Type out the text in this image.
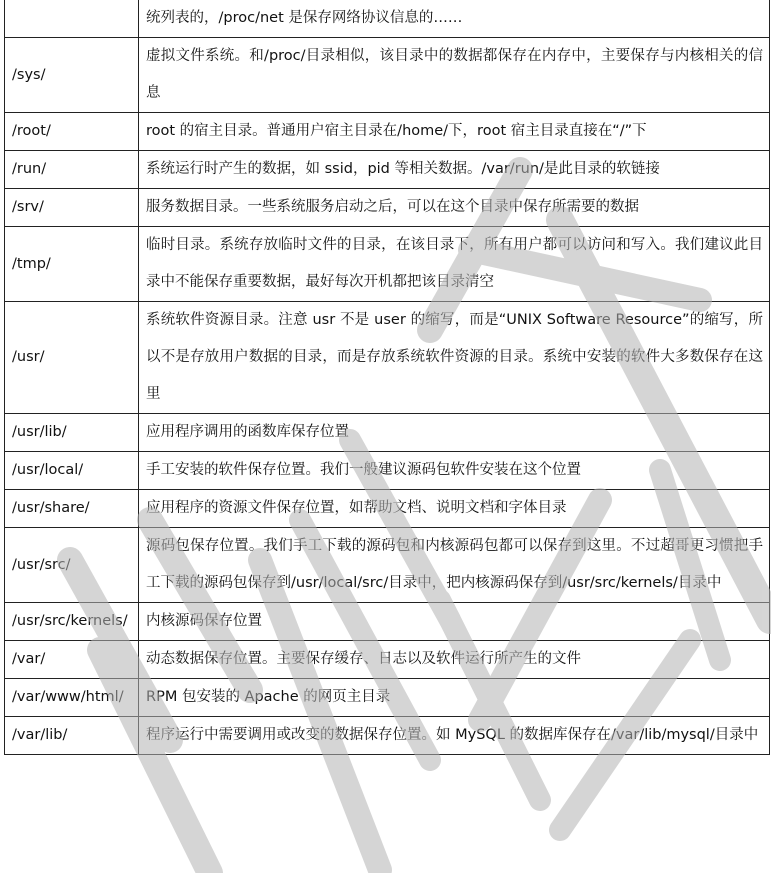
	统列表的，/proc/net 是保存网络协议信息的……
/sys/	虚拟文件系统。和/proc/目录相似，该目录中的数据都保存在内存中，主要保存与内核相关的信息
/root/	root 的宿主目录。普通用户宿主目录在/home/下，root 宿主目录直接在“/”下
/run/	系统运行时产生的数据，如 ssid，pid 等相关数据。/var/run/是此目录的软链接
/srv/	服务数据目录。一些系统服务启动之后，可以在这个目录中保存所需要的数据
/tmp/	临时目录。系统存放临时文件的目录，在该目录下，所有用户都可以访问和写入。我们建议此目录中不能保存重要数据，最好每次开机都把该目录清空
/usr/	系统软件资源目录。注意 usr 不是 user 的缩写，而是“UNIX Software Resource”的缩写，所以不是存放用户数据的目录，而是存放系统软件资源的目录。系统中安装的软件大多数保存在这里
/usr/lib/	应用程序调用的函数库保存位置
/usr/local/	手工安装的软件保存位置。我们一般建议源码包软件安装在这个位置
/usr/share/	应用程序的资源文件保存位置，如帮助文档、说明文档和字体目录
/usr/src/	源码包保存位置。我们手工下载的源码包和内核源码包都可以保存到这里。不过超哥更习惯把手工下载的源码包保存到/usr/local/src/目录中，把内核源码保存到/usr/src/kernels/目录中
/usr/src/kernels/	内核源码保存位置
/var/	动态数据保存位置。主要保存缓存、日志以及软件运行所产生的文件
/var/www/html/	RPM 包安装的 Apache 的网页主目录
/var/lib/	程序运行中需要调用或改变的数据保存位置。如 MySQL 的数据库保存在/var/lib/mysql/目录中
